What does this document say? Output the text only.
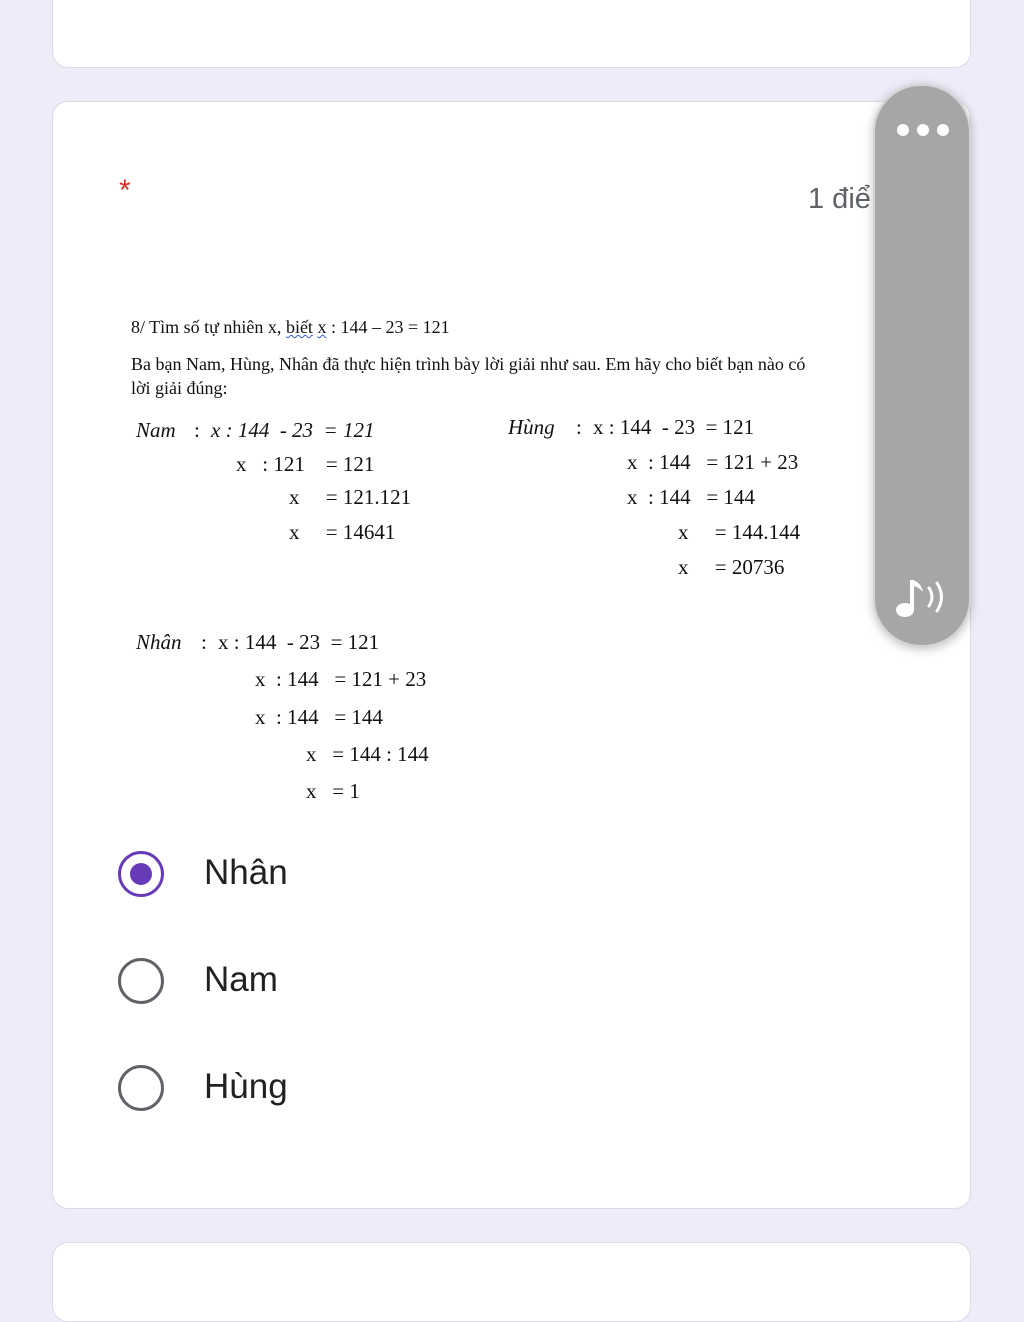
*	1 điể
8/ Tìm số tự nhiên x, biết x : 144 – 23 = 121
Ba bạn Nam, Hùng, Nhân đã thực hiện trình bày lời giải như sau. Em hãy cho biết bạn nào có
lời giải đúng:
Nam : x : 144  - 23  = 121
x   : 121    = 121
x     = 121.121
x     = 14641
Hùng : x : 144  - 23  = 121
x  : 144   = 121 + 23
x  : 144   = 144
x     = 144.144
x     = 20736
Nhân : x : 144  - 23  = 121
x  : 144   = 121 + 23
x  : 144   = 144
x   = 144 : 144
x   = 1
Nhân
Nam
Hùng
